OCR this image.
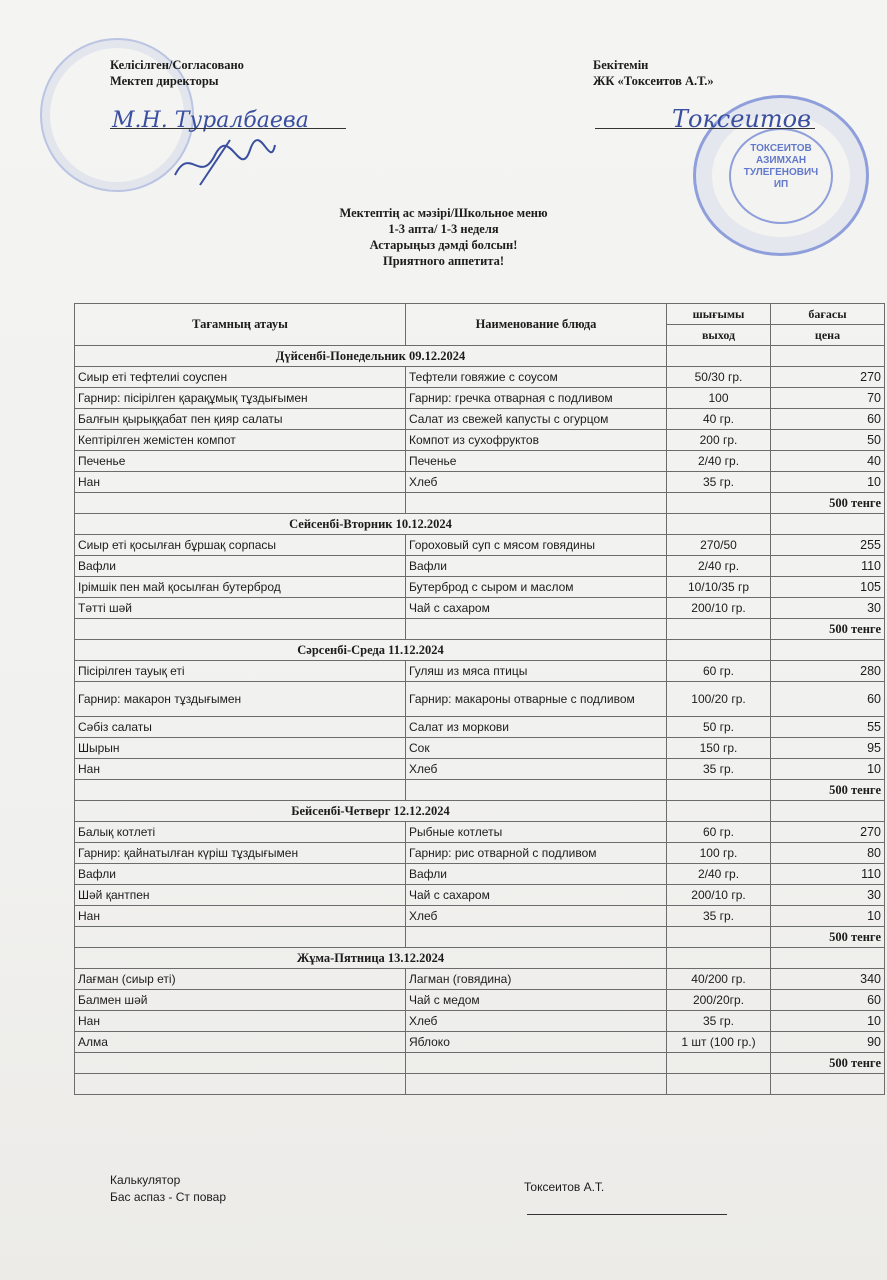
Келісілген/Согласовано
Мектеп директоры
М.Н. Туралбаева
ТОКСЕИТОВ
АЗИМХАН
ТУЛЕГЕНОВИЧ
ИП
Бекітемін
ЖК «Токсеитов А.Т.»
Токсеитов
Мектептің ас мәзірі/Школьное меню
1-3 апта/ 1-3 неделя
Астарыңыз дәмді болсын!
Приятного аппетита!
Тағамның атауы	Наименование блюда	шығымы	бағасы
		выход	цена
Дүйсенбі-Понедельник 09.12.2024			
Сиыр еті тефтелиі соуспен	Тефтели говяжие с соусом	50/30 гр.	270
Гарнир: пісірілген қарақұмық тұздығымен	Гарнир: гречка отварная с подливом	100	70
Балғын қырыққабат пен қияр салаты	Салат из свежей капусты с огурцом	40 гр.	60
Кептірілген жемістен компот	Компот из сухофруктов	200 гр.	50
Печенье	Печенье	2/40 гр.	40
Нан	Хлеб	35 гр.	10
			500 тенге
Сейсенбі-Вторник 10.12.2024			
Сиыр еті қосылған бұршақ сорпасы	Гороховый суп с мясом говядины	270/50	255
Вафли	Вафли	2/40 гр.	110
Ірімшік пен май қосылған бутерброд	Бутерброд с сыром и маслом	10/10/35 гр	105
Тәтті шәй	Чай с сахаром	200/10 гр.	30
			500 тенге
Сәрсенбі-Среда 11.12.2024			
Пісірілген тауық еті	Гуляш из мяса птицы	60 гр.	280
Гарнир: макарон тұздығымен	Гарнир: макароны отварные с подливом	100/20 гр.	60
Сәбіз салаты	Салат из моркови	50 гр.	55
Шырын	Сок	150 гр.	95
Нан	Хлеб	35 гр.	10
			500 тенге
Бейсенбі-Четверг 12.12.2024			
Балық котлеті	Рыбные котлеты	60 гр.	270
Гарнир: қайнатылған күріш тұздығымен	Гарнир: рис отварной с подливом	100 гр.	80
Вафли	Вафли	2/40 гр.	110
Шәй қантпен	Чай с сахаром	200/10 гр.	30
Нан	Хлеб	35 гр.	10
			500 тенге
Жұма-Пятница 13.12.2024			
Лағман (сиыр еті)	Лагман (говядина)	40/200 гр.	340
Балмен шәй	Чай с медом	200/20гр.	60
Нан	Хлеб	35 гр.	10
Алма	Яблоко	1 шт (100 гр.)	90
			500 тенге

Калькулятор
Бас аспаз - Ст повар
Токсеитов А.Т.
